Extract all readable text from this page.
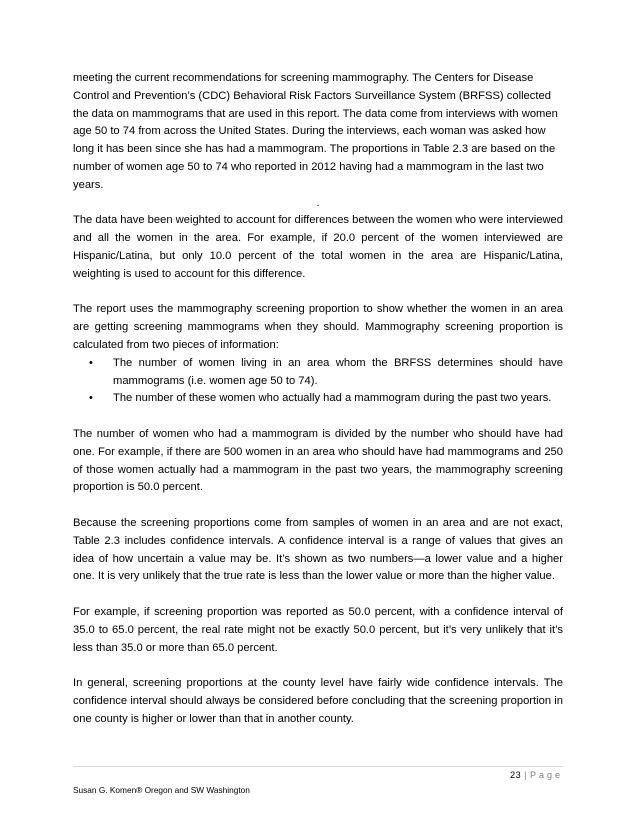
meeting the current recommendations for screening mammography. The Centers for Disease Control and Prevention’s (CDC) Behavioral Risk Factors Surveillance System (BRFSS) collected the data on mammograms that are used in this report. The data come from interviews with women age 50 to 74 from across the United States. During the interviews, each woman was asked how long it has been since she has had a mammogram. The proportions in Table 2.3 are based on the number of women age 50 to 74 who reported in 2012 having had a mammogram in the last two years.

.

The data have been weighted to account for differences between the women who were interviewed and all the women in the area. For example, if 20.0 percent of the women interviewed are Hispanic/Latina, but only 10.0 percent of the total women in the area are Hispanic/Latina, weighting is used to account for this difference.

The report uses the mammography screening proportion to show whether the women in an area are getting screening mammograms when they should. Mammography screening proportion is calculated from two pieces of information:

• The number of women living in an area whom the BRFSS determines should have mammograms (i.e. women age 50 to 74).
• The number of these women who actually had a mammogram during the past two years.

The number of women who had a mammogram is divided by the number who should have had one. For example, if there are 500 women in an area who should have had mammograms and 250 of those women actually had a mammogram in the past two years, the mammography screening proportion is 50.0 percent.

Because the screening proportions come from samples of women in an area and are not exact, Table 2.3 includes confidence intervals. A confidence interval is a range of values that gives an idea of how uncertain a value may be. It’s shown as two numbers—a lower value and a higher one. It is very unlikely that the true rate is less than the lower value or more than the higher value.

For example, if screening proportion was reported as 50.0 percent, with a confidence interval of 35.0 to 65.0 percent, the real rate might not be exactly 50.0 percent, but it’s very unlikely that it’s less than 35.0 or more than 65.0 percent.

In general, screening proportions at the county level have fairly wide confidence intervals. The confidence interval should always be considered before concluding that the screening proportion in one county is higher or lower than that in another county.

23 | Page
Susan G. Komen® Oregon and SW Washington
